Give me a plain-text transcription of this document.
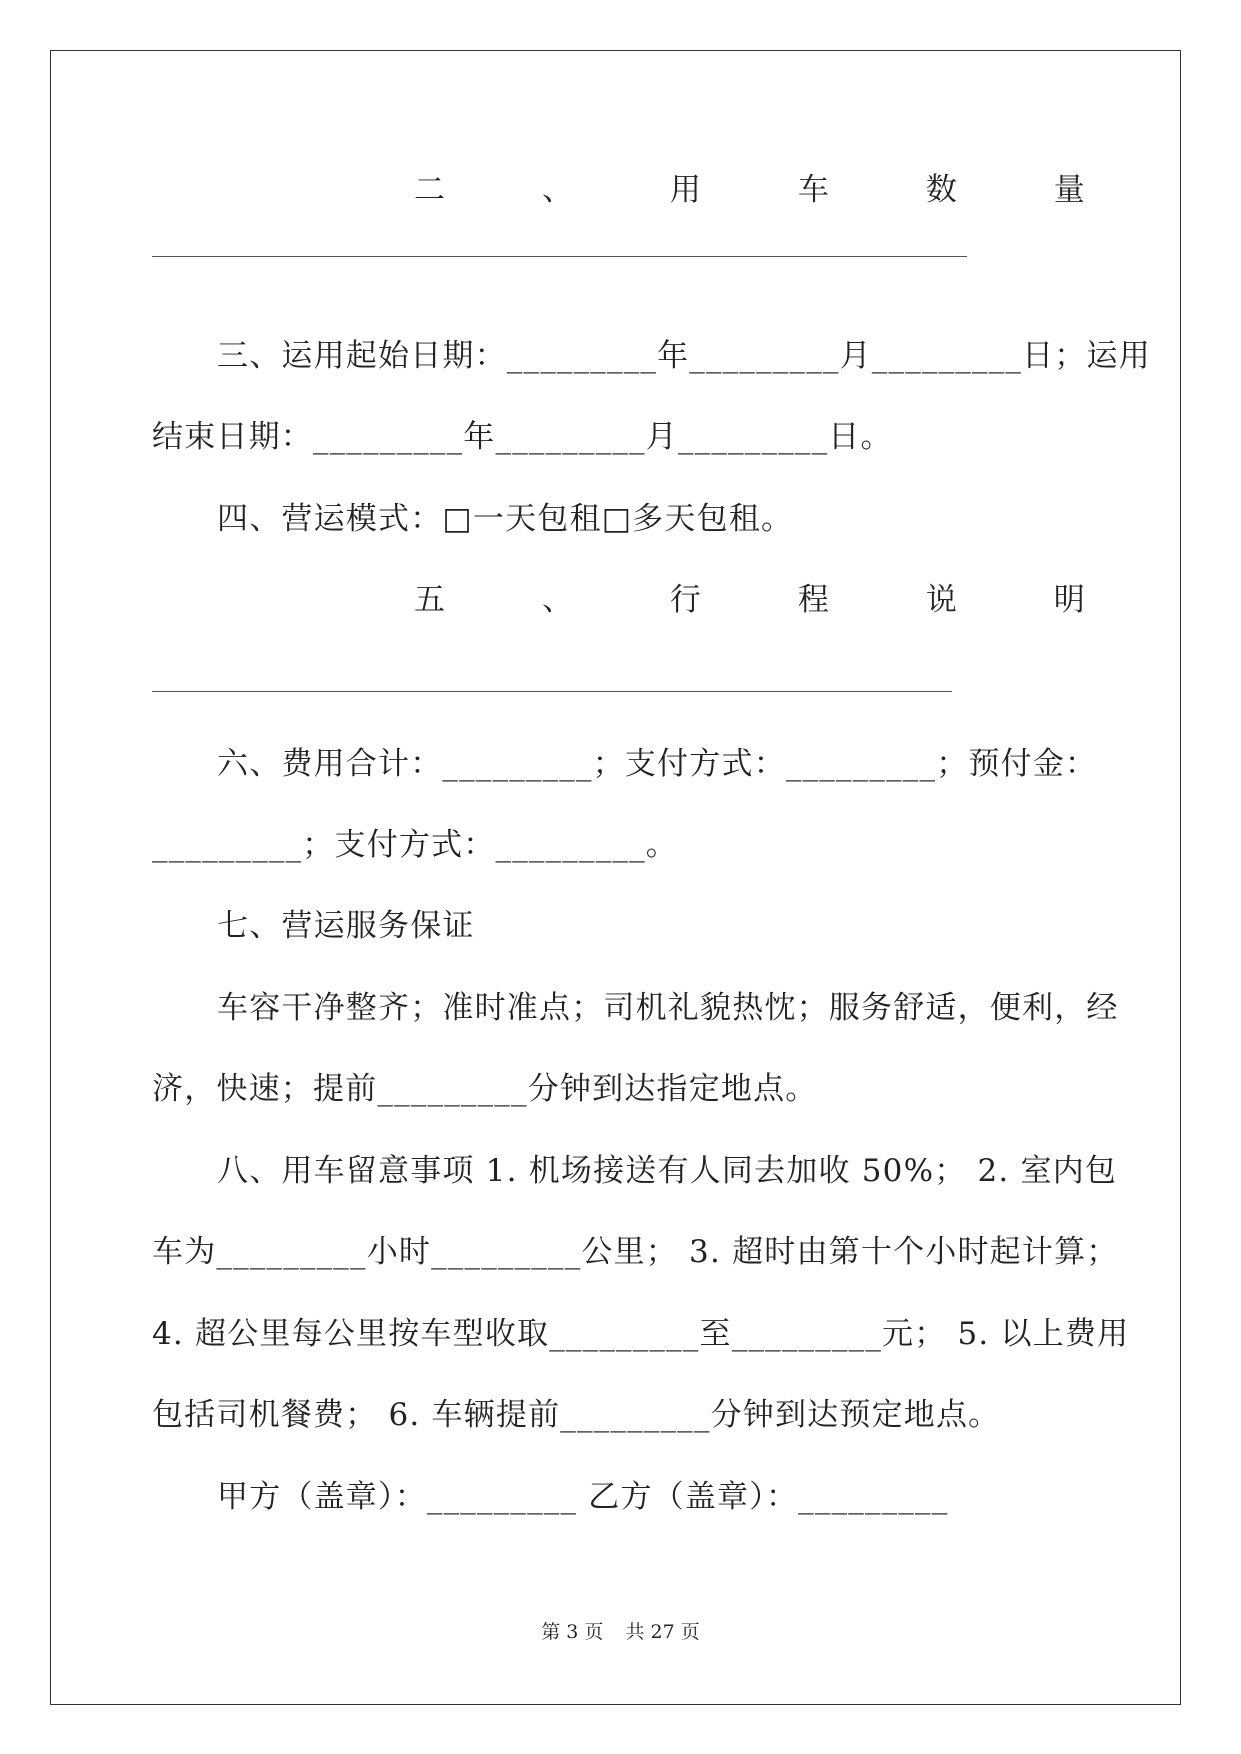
二	、	用	车	数	量
三、运用起始日期：_________年_________月_________日；运用
结束日期：_________年_________月_________日。
四、营运模式：□一天包租□多天包租。
五	、	行	程	说	明
六、费用合计：_________；支付方式：_________；预付金：
_________；支付方式：_________。
七、营运服务保证
车容干净整齐；准时准点；司机礼貌热忱；服务舒适，便利，经
济，快速；提前_________分钟到达指定地点。
八、用车留意事项 1. 机场接送有人同去加收 50%； 2. 室内包
车为_________小时_________公里； 3. 超时由第十个小时起计算；
4. 超公里每公里按车型收取_________至_________元； 5. 以上费用
包括司机餐费； 6. 车辆提前_________分钟到达预定地点。
甲方（盖章）：_________ 乙方（盖章）：_________
第 3 页 共 27 页
